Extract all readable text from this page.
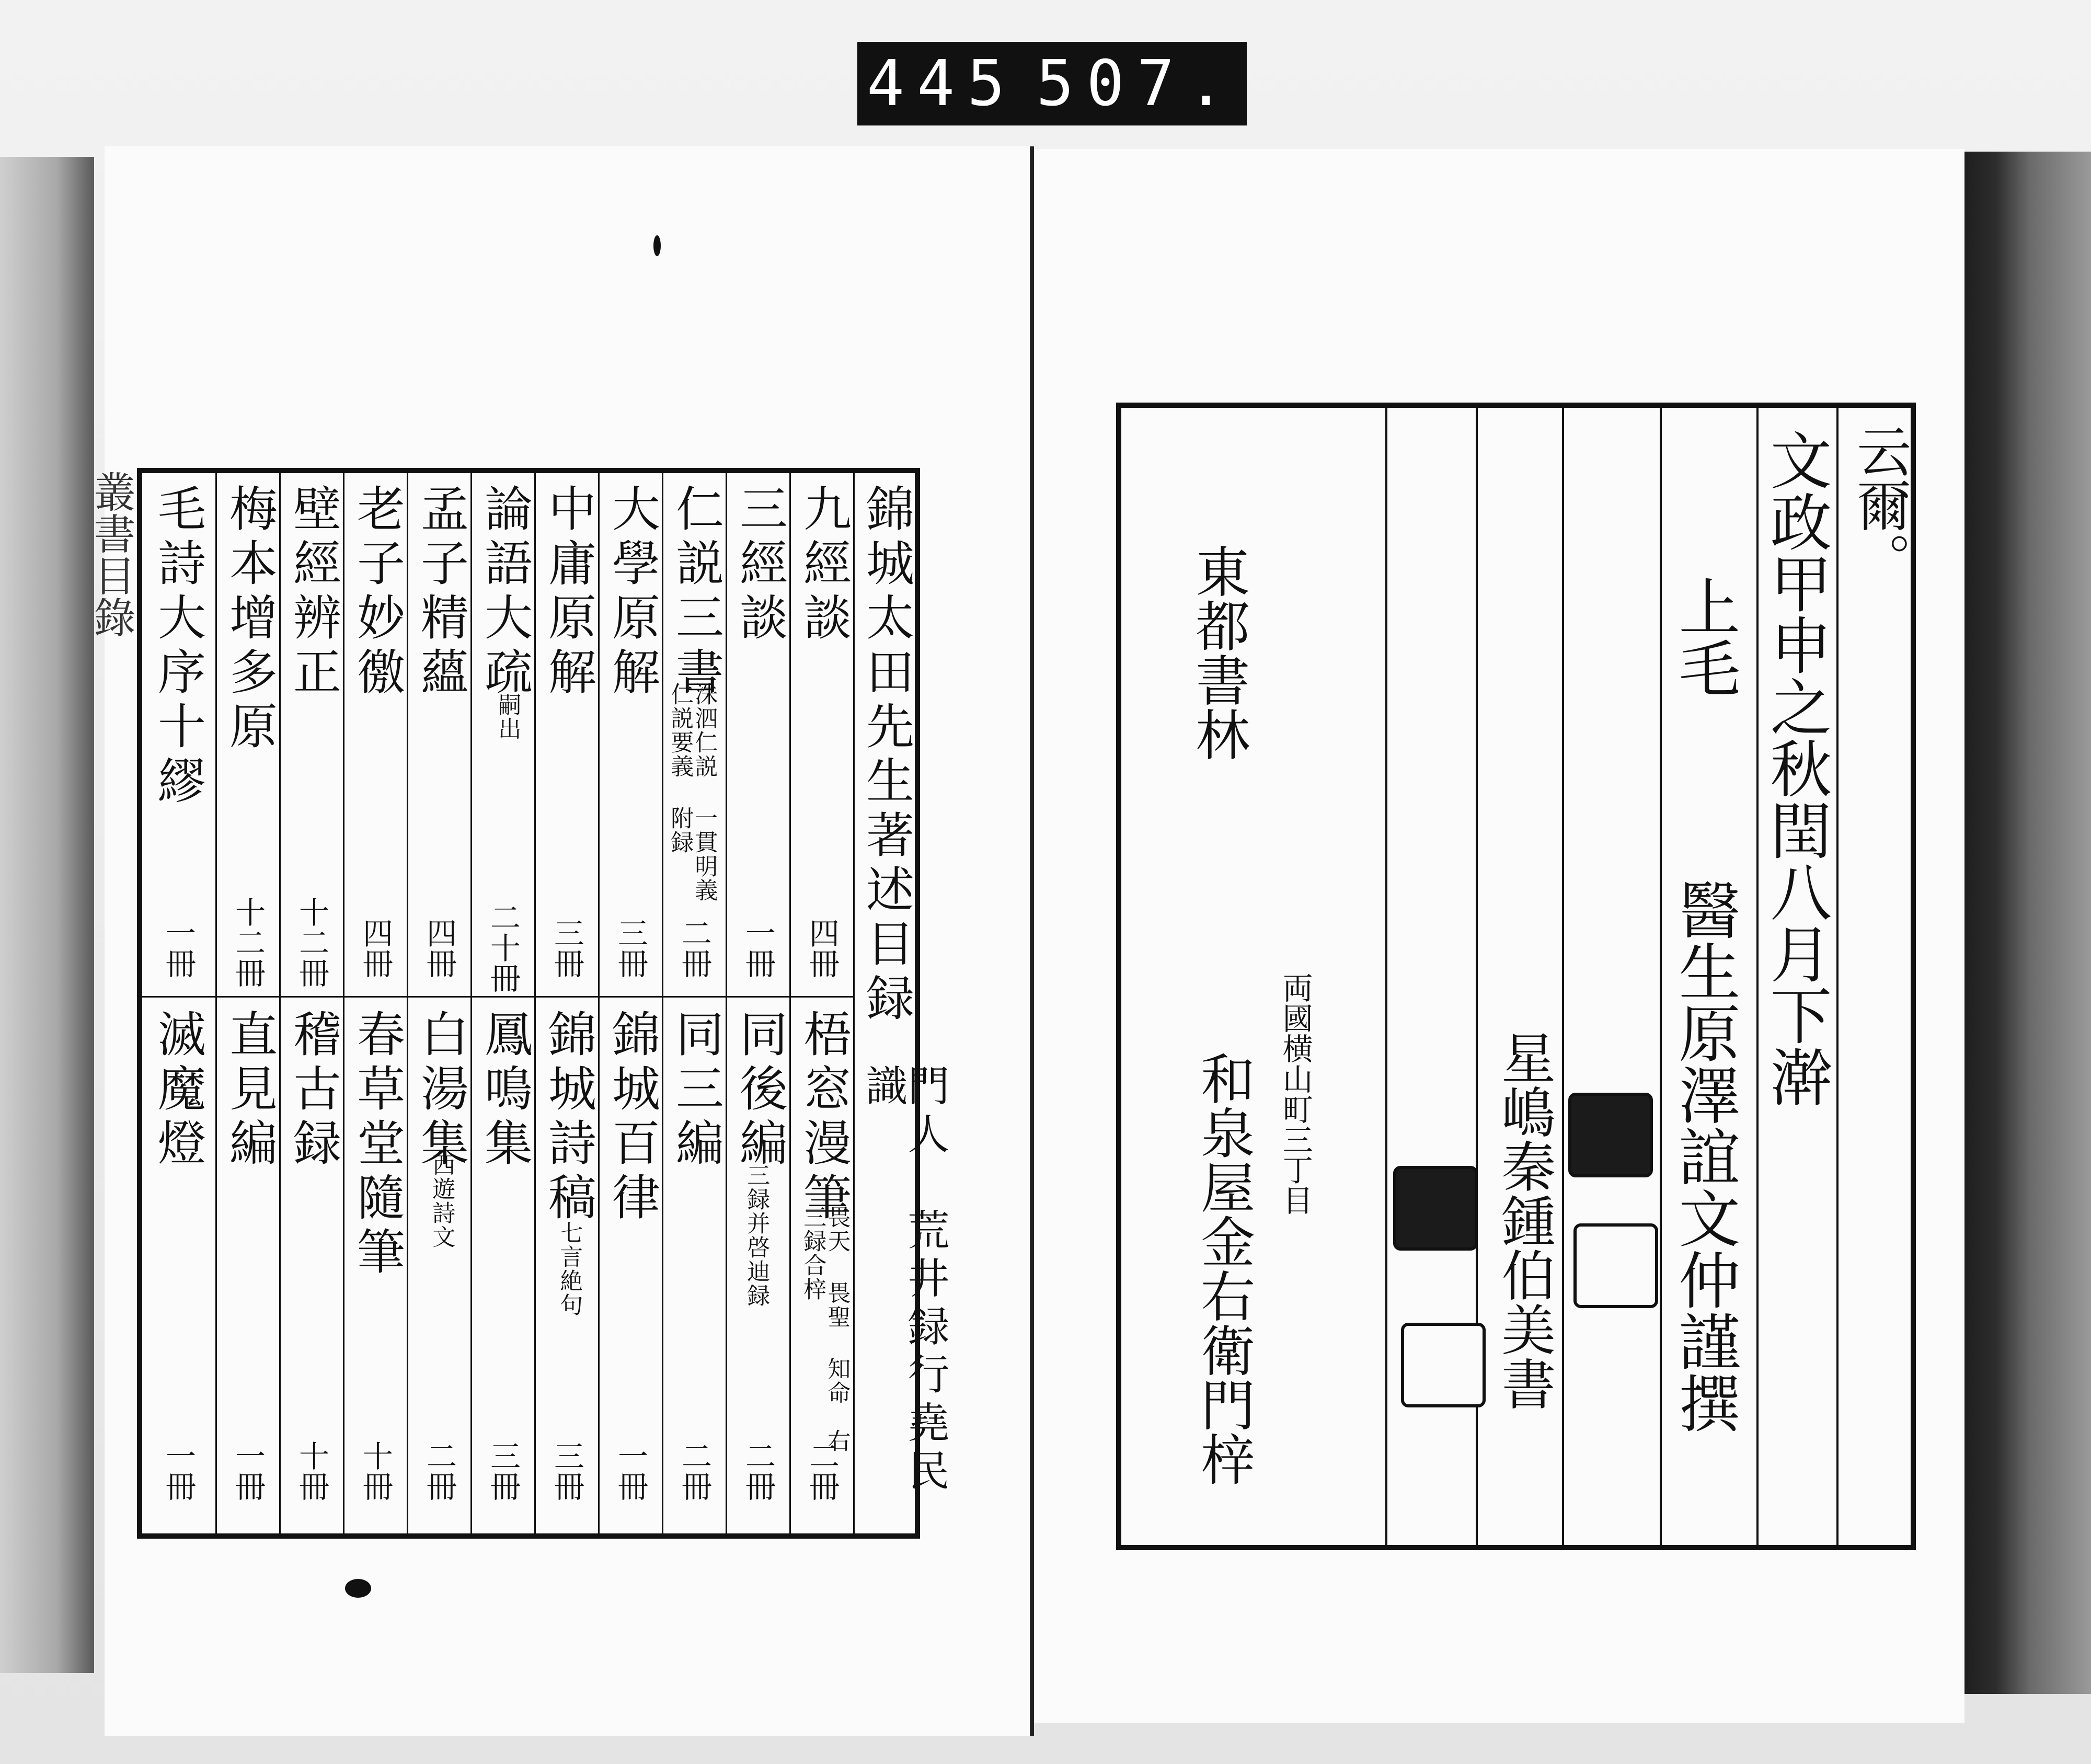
445 507.
叢書目錄	錦城太田先生著述目録
門人　荒井録行堯民識
九經談
四冊
梧窓漫筆
畏天 畏聖 知命　右三録合梓
二冊
三經談
一冊
同後編
三録并啓迪録
二冊
仁説三書
洙泗仁説 一貫明義 仁説要義 附録
二冊
同三編
二冊
大學原解
三冊
錦城百律
一冊
中庸原解
三冊
錦城詩稿
七言絶句
三冊
論語大疏
嗣出
二十冊
鳳鳴集
三冊
孟子精蘊
四冊
白湯集
西遊詩文
二冊
老子妙徼
四冊
春草堂隨筆
十冊
壁經辨正
十二冊
稽古録
十冊
梅本增多原
十二冊
直見編
一冊
毛詩大序十繆
一冊
滅魔燈
一冊
云爾。
文政甲申之秋閏八月下澣
上毛
醫生原澤誼文仲謹撰
星嶋秦鍾伯美書
東都書林
両國横山町三丁目
和泉屋金右衛門梓
